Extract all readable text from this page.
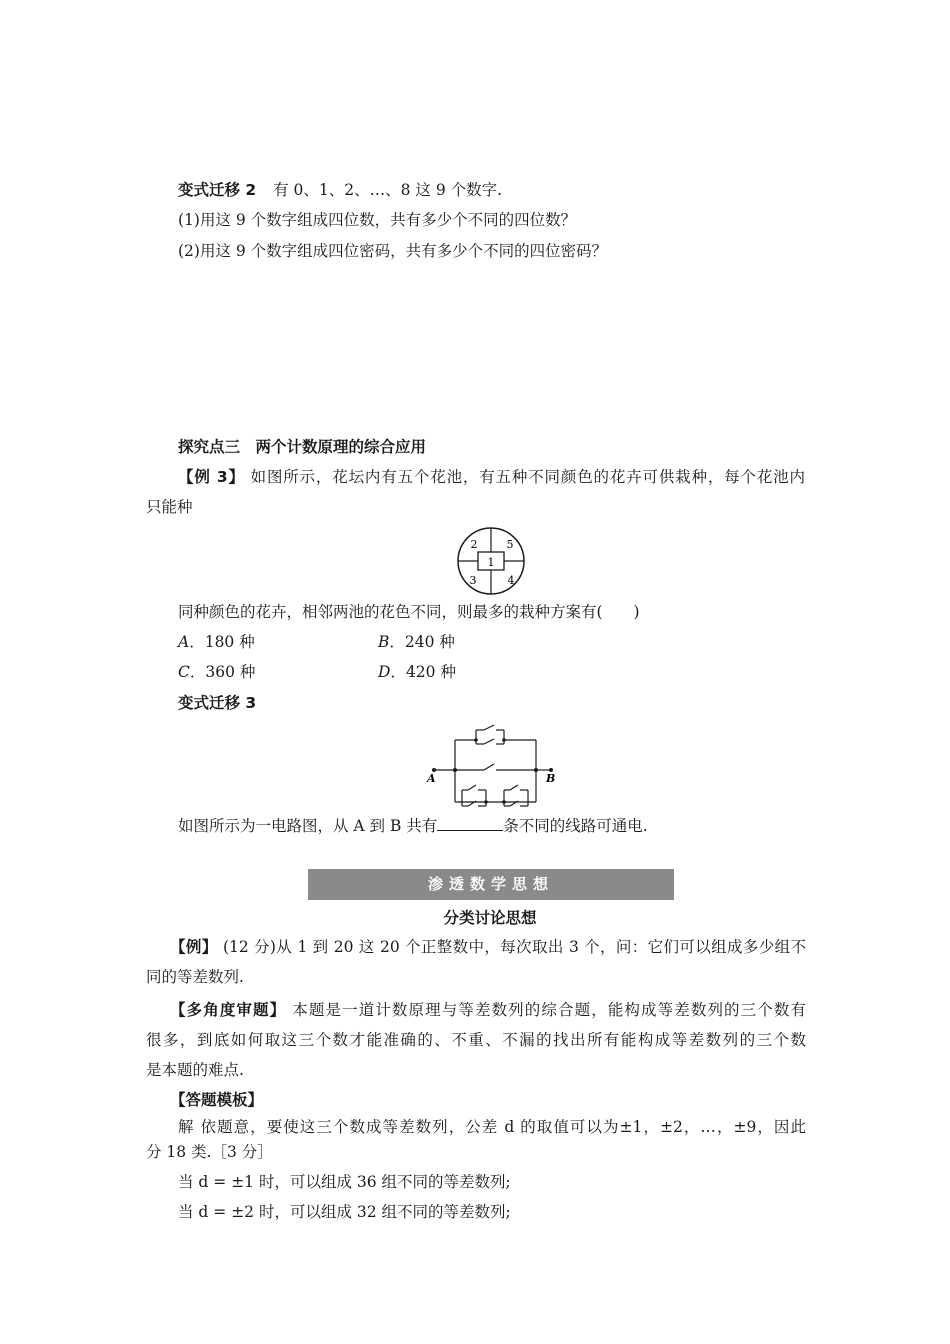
变式迁移 2 有 0、1、2、…、8 这 9 个数字.
(1)用这 9 个数字组成四位数，共有多少个不同的四位数？
(2)用这 9 个数字组成四位密码，共有多少个不同的四位密码？
探究点三　两个计数原理的综合应用
【例 3】 如图所示，花坛内有五个花池，有五种不同颜色的花卉可供栽种，每个花池内
只能种
1
2	5
3	4
同种颜色的花卉，相邻两池的花色不同，则最多的栽种方案有(　　)
A．180 种	B．240 种
C．360 种	D．420 种
变式迁移 3
A	B
如图所示为一电路图，从 A 到 B 共有	条不同的线路可通电.
渗透数学思想
分类讨论思想
【例】 (12 分)从 1 到 20 这 20 个正整数中，每次取出 3 个，问：它们可以组成多少组不
同的等差数列.
【多角度审题】 本题是一道计数原理与等差数列的综合题，能构成等差数列的三个数有
很多，到底如何取这三个数才能准确的、不重、不漏的找出所有能构成等差数列的三个数
是本题的难点.
【答题模板】
解 依题意，要使这三个数成等差数列，公差 d 的取值可以为±1，±2，…，±9，因此
分 18 类.［3 分］
当 d = ±1 时，可以组成 36 组不同的等差数列;
当 d = ±2 时，可以组成 32 组不同的等差数列;
